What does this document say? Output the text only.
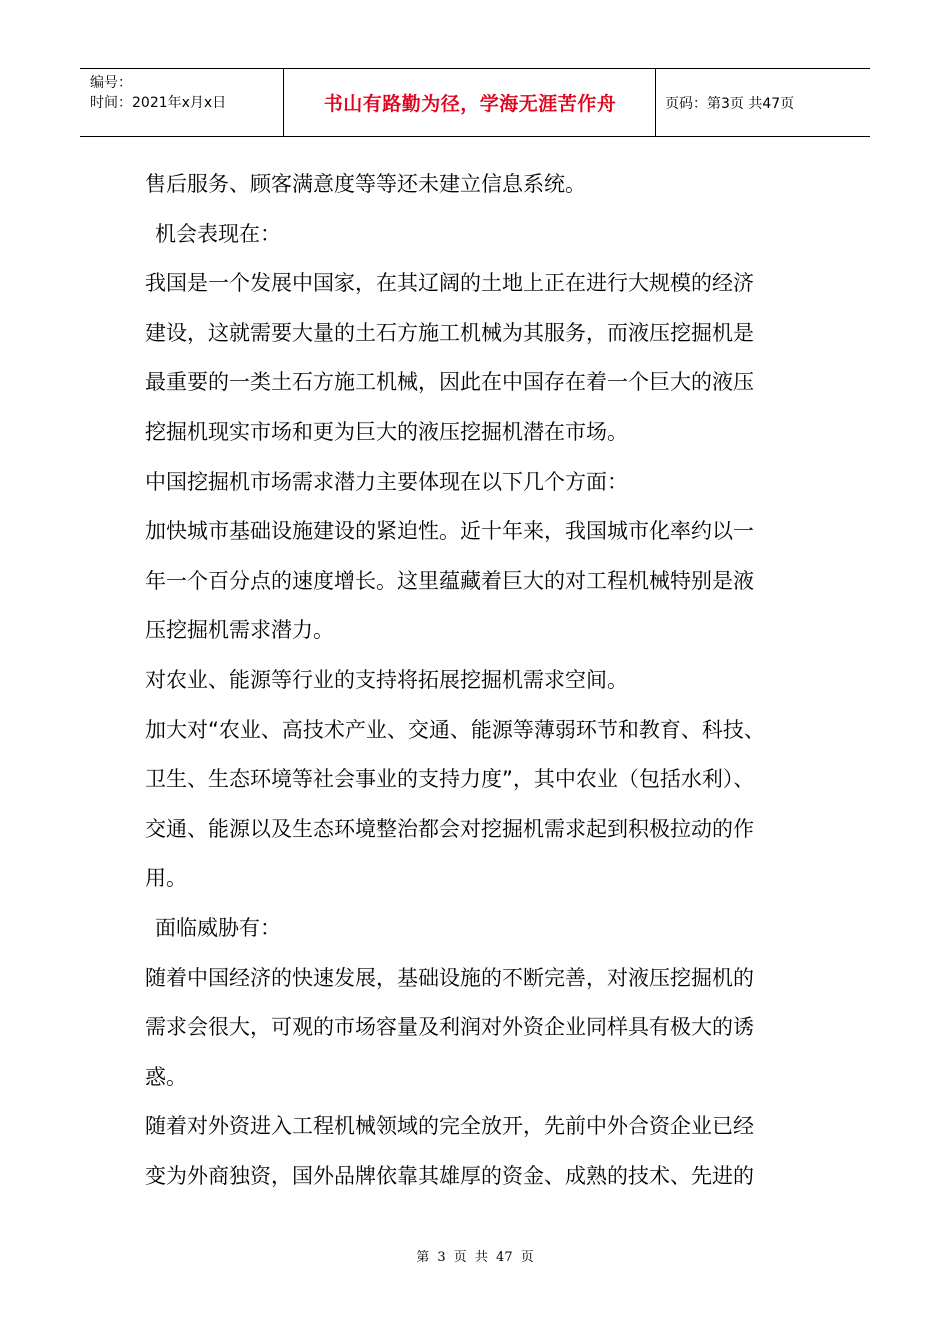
编号：
时间：2021年x月x日	书山有路勤为径，学海无涯苦作舟	页码：第3页 共47页

售后服务、顾客满意度等等还未建立信息系统。

机会表现在：

我国是一个发展中国家，在其辽阔的土地上正在进行大规模的经济

建设，这就需要大量的土石方施工机械为其服务，而液压挖掘机是

最重要的一类土石方施工机械，因此在中国存在着一个巨大的液压

挖掘机现实市场和更为巨大的液压挖掘机潜在市场。

中国挖掘机市场需求潜力主要体现在以下几个方面：

加快城市基础设施建设的紧迫性。近十年来，我国城市化率约以一

年一个百分点的速度增长。这里蕴藏着巨大的对工程机械特别是液

压挖掘机需求潜力。

对农业、能源等行业的支持将拓展挖掘机需求空间。

加大对“农业、高技术产业、交通、能源等薄弱环节和教育、科技、

卫生、生态环境等社会事业的支持力度”，其中农业（包括水利）、

交通、能源以及生态环境整治都会对挖掘机需求起到积极拉动的作

用。

面临威胁有：

随着中国经济的快速发展，基础设施的不断完善，对液压挖掘机的

需求会很大，可观的市场容量及利润对外资企业同样具有极大的诱

惑。

随着对外资进入工程机械领域的完全放开，先前中外合资企业已经

变为外商独资，国外品牌依靠其雄厚的资金、成熟的技术、先进的

第 3 页 共 47 页
